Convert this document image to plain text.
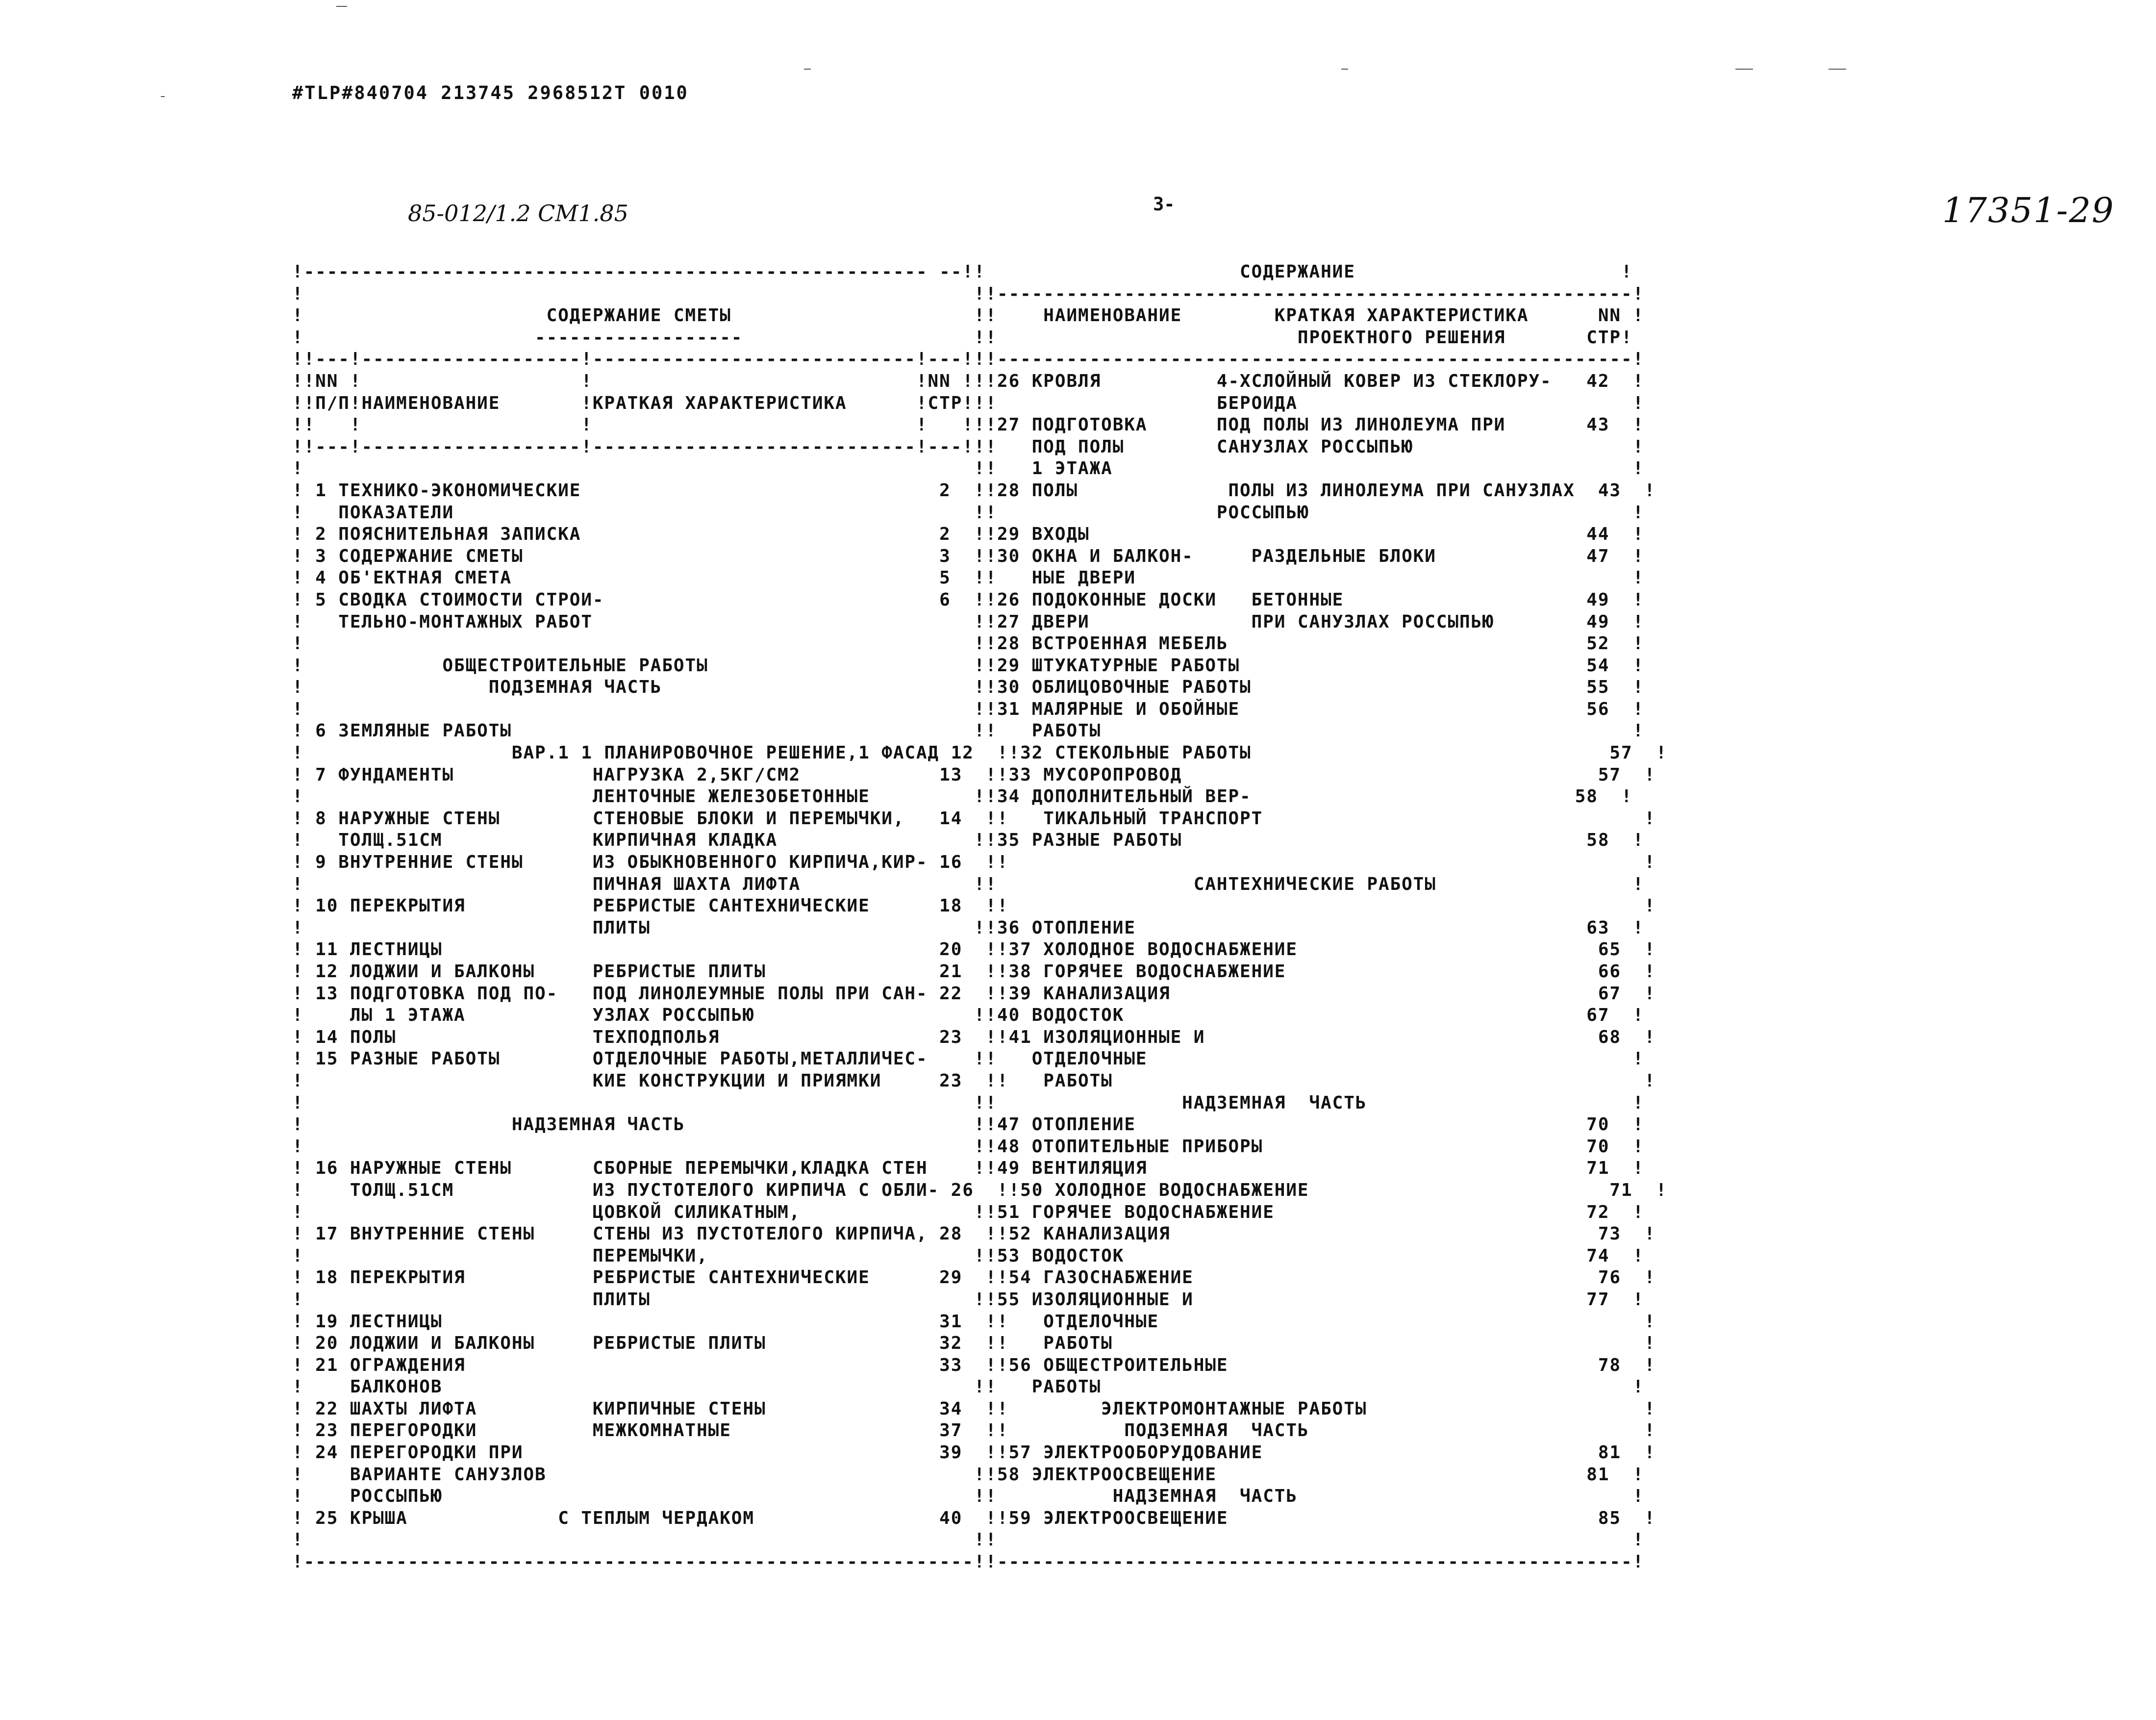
#TLP#840704 213745 2968512T 0010
85-012/1.2 СМ1.85	3-	17351-29
!------------------------------------------------------ --!!                      СОДЕРЖАНИЕ                       !
!                                                          !!-------------------------------------------------------!
!                     СОДЕРЖАНИЕ СМЕТЫ                     !!    НАИМЕНОВАНИЕ        КРАТКАЯ ХАРАКТЕРИСТИКА      NN !
!                    ------------------                    !!                          ПРОЕКТНОГО РЕШЕНИЯ       СТР!
!!---!-------------------!----------------------------!---!!!-------------------------------------------------------!
!!NN !                   !                            !NN !!!26 КРОВЛЯ          4-ХСЛОЙНЫЙ КОВЕР ИЗ СТЕКЛОРУ-   42  !
!!П/П!НАИМЕНОВАНИЕ       !КРАТКАЯ ХАРАКТЕРИСТИКА      !СТР!!!                   БЕРОИДА                             !
!!   !                   !                            !   !!!27 ПОДГОТОВКА      ПОД ПОЛЫ ИЗ ЛИНОЛЕУМА ПРИ       43  !
!!---!-------------------!----------------------------!---!!!   ПОД ПОЛЫ        САНУЗЛАХ РОССЫПЬЮ                   !
!                                                          !!   1 ЭТАЖА                                             !
! 1 ТЕХНИКО-ЭКОНОМИЧЕСКИЕ                               2  !!28 ПОЛЫ             ПОЛЫ ИЗ ЛИНОЛЕУМА ПРИ САНУЗЛАХ  43  !
!   ПОКАЗАТЕЛИ                                             !!                   РОССЫПЬЮ                            !
! 2 ПОЯСНИТЕЛЬНАЯ ЗАПИСКА                               2  !!29 ВХОДЫ                                           44  !
! 3 СОДЕРЖАНИЕ СМЕТЫ                                    3  !!30 ОКНА И БАЛКОН-     РАЗДЕЛЬНЫЕ БЛОКИ             47  !
! 4 ОБ'ЕКТНАЯ СМЕТА                                     5  !!   НЫЕ ДВЕРИ                                           !
! 5 СВОДКА СТОИМОСТИ СТРОИ-                             6  !!26 ПОДОКОННЫЕ ДОСКИ   БЕТОННЫЕ                     49  !
!   ТЕЛЬНО-МОНТАЖНЫХ РАБОТ                                 !!27 ДВЕРИ              ПРИ САНУЗЛАХ РОССЫПЬЮ        49  !
!                                                          !!28 ВСТРОЕННАЯ МЕБЕЛЬ                               52  !
!            ОБЩЕСТРОИТЕЛЬНЫЕ РАБОТЫ                       !!29 ШТУКАТУРНЫЕ РАБОТЫ                              54  !
!                ПОДЗЕМНАЯ ЧАСТЬ                           !!30 ОБЛИЦОВОЧНЫЕ РАБОТЫ                             55  !
!                                                          !!31 МАЛЯРНЫЕ И ОБОЙНЫЕ                              56  !
! 6 ЗЕМЛЯНЫЕ РАБОТЫ                                        !!   РАБОТЫ                                              !
!                  ВАР.1 1 ПЛАНИРОВОЧНОЕ РЕШЕНИЕ,1 ФАСАД 12  !!32 СТЕКОЛЬНЫЕ РАБОТЫ                               57  !
! 7 ФУНДАМЕНТЫ            НАГРУЗКА 2,5КГ/СМ2            13  !!33 МУСОРОПРОВОД                                    57  !
!                         ЛЕНТОЧНЫЕ ЖЕЛЕЗОБЕТОННЫЕ         !!34 ДОПОЛНИТЕЛЬНЫЙ ВЕР-                            58  !
! 8 НАРУЖНЫЕ СТЕНЫ        СТЕНОВЫЕ БЛОКИ И ПЕРЕМЫЧКИ,   14  !!   ТИКАЛЬНЫЙ ТРАНСПОРТ                                 !
!   ТОЛЩ.51СМ             КИРПИЧНАЯ КЛАДКА                 !!35 РАЗНЫЕ РАБОТЫ                                   58  !
! 9 ВНУТРЕННИЕ СТЕНЫ      ИЗ ОБЫКНОВЕННОГО КИРПИЧА,КИР- 16  !!                                                       !
!                         ПИЧНАЯ ШАХТА ЛИФТА               !!                 САНТЕХНИЧЕСКИЕ РАБОТЫ                 !
! 10 ПЕРЕКРЫТИЯ           РЕБРИСТЫЕ САНТЕХНИЧЕСКИЕ      18  !!                                                       !
!                         ПЛИТЫ                            !!36 ОТОПЛЕНИЕ                                       63  !
! 11 ЛЕСТНИЦЫ                                           20  !!37 ХОЛОДНОЕ ВОДОСНАБЖЕНИЕ                          65  !
! 12 ЛОДЖИИ И БАЛКОНЫ     РЕБРИСТЫЕ ПЛИТЫ               21  !!38 ГОРЯЧЕЕ ВОДОСНАБЖЕНИЕ                           66  !
! 13 ПОДГОТОВКА ПОД ПО-   ПОД ЛИНОЛЕУМНЫЕ ПОЛЫ ПРИ САН- 22  !!39 КАНАЛИЗАЦИЯ                                     67  !
!    ЛЫ 1 ЭТАЖА           УЗЛАХ РОССЫПЬЮ                   !!40 ВОДОСТОК                                        67  !
! 14 ПОЛЫ                 ТЕХПОДПОЛЬЯ                   23  !!41 ИЗОЛЯЦИОННЫЕ И                                  68  !
! 15 РАЗНЫЕ РАБОТЫ        ОТДЕЛОЧНЫЕ РАБОТЫ,МЕТАЛЛИЧЕС-    !!   ОТДЕЛОЧНЫЕ                                          !
!                         КИЕ КОНСТРУКЦИИ И ПРИЯМКИ     23  !!   РАБОТЫ                                              !
!                                                          !!                НАДЗЕМНАЯ  ЧАСТЬ                       !
!                  НАДЗЕМНАЯ ЧАСТЬ                         !!47 ОТОПЛЕНИЕ                                       70  !
!                                                          !!48 ОТОПИТЕЛЬНЫЕ ПРИБОРЫ                            70  !
! 16 НАРУЖНЫЕ СТЕНЫ       СБОРНЫЕ ПЕРЕМЫЧКИ,КЛАДКА СТЕН    !!49 ВЕНТИЛЯЦИЯ                                      71  !
!    ТОЛЩ.51СМ            ИЗ ПУСТОТЕЛОГО КИРПИЧА С ОБЛИ- 26  !!50 ХОЛОДНОЕ ВОДОСНАБЖЕНИЕ                          71  !
!                         ЦОВКОЙ СИЛИКАТНЫМ,               !!51 ГОРЯЧЕЕ ВОДОСНАБЖЕНИЕ                           72  !
! 17 ВНУТРЕННИЕ СТЕНЫ     СТЕНЫ ИЗ ПУСТОТЕЛОГО КИРПИЧА, 28  !!52 КАНАЛИЗАЦИЯ                                     73  !
!                         ПЕРЕМЫЧКИ,                       !!53 ВОДОСТОК                                        74  !
! 18 ПЕРЕКРЫТИЯ           РЕБРИСТЫЕ САНТЕХНИЧЕСКИЕ      29  !!54 ГАЗОСНАБЖЕНИЕ                                   76  !
!                         ПЛИТЫ                            !!55 ИЗОЛЯЦИОННЫЕ И                                  77  !
! 19 ЛЕСТНИЦЫ                                           31  !!   ОТДЕЛОЧНЫЕ                                          !
! 20 ЛОДЖИИ И БАЛКОНЫ     РЕБРИСТЫЕ ПЛИТЫ               32  !!   РАБОТЫ                                              !
! 21 ОГРАЖДЕНИЯ                                         33  !!56 ОБЩЕСТРОИТЕЛЬНЫЕ                                78  !
!    БАЛКОНОВ                                              !!   РАБОТЫ                                              !
! 22 ШАХТЫ ЛИФТА          КИРПИЧНЫЕ СТЕНЫ               34  !!        ЭЛЕКТРОМОНТАЖНЫЕ РАБОТЫ                        !
! 23 ПЕРЕГОРОДКИ          МЕЖКОМНАТНЫЕ                  37  !!          ПОДЗЕМНАЯ  ЧАСТЬ                             !
! 24 ПЕРЕГОРОДКИ ПРИ                                    39  !!57 ЭЛЕКТРООБОРУДОВАНИЕ                             81  !
!    ВАРИАНТЕ САНУЗЛОВ                                     !!58 ЭЛЕКТРООСВЕЩЕНИЕ                                81  !
!    РОССЫПЬЮ                                              !!          НАДЗЕМНАЯ  ЧАСТЬ                             !
! 25 КРЫША             С ТЕПЛЫМ ЧЕРДАКОМ                40  !!59 ЭЛЕКТРООСВЕЩЕНИЕ                                85  !
!                                                          !!                                                       !
!----------------------------------------------------------!!-------------------------------------------------------!
